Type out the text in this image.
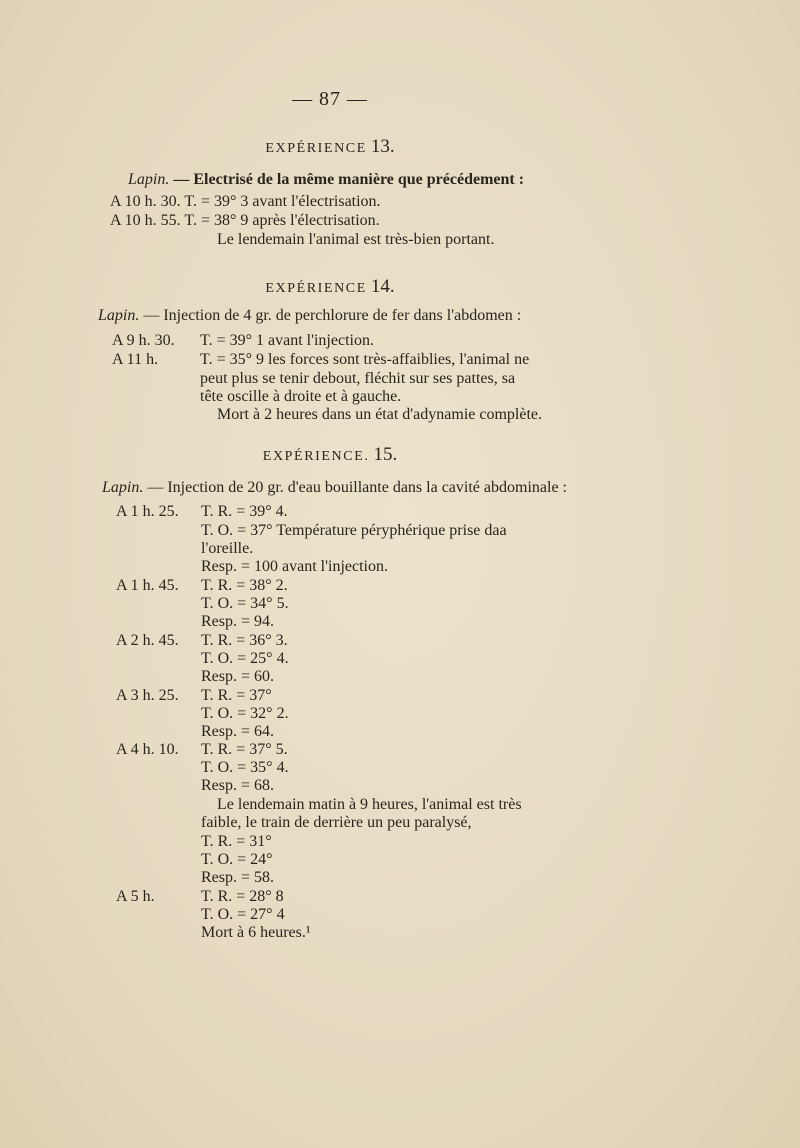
— 87 —
EXPÉRIENCE 13.
Lapin. — Electrisé de la même manière que précédement :
A 10 h. 30. T. = 39° 3 avant l'électrisation.
A 10 h. 55. T. = 38° 9 après l'électrisation.
Le lendemain l'animal est très-bien portant.
EXPÉRIENCE 14.
Lapin. — Injection de 4 gr. de perchlorure de fer dans l'abdomen :
A 9 h. 30. T. = 39° 1 avant l'injection.
A 11 h.	T. = 35° 9 les forces sont très-affaiblies, l'animal ne
peut plus se tenir debout, fléchit sur ses pattes, sa
tête oscille à droite et à gauche.
Mort à 2 heures dans un état d'adynamie complète.
EXPÉRIENCE. 15.
Lapin. — Injection de 20 gr. d'eau bouillante dans la cavité abdominale :
A 1 h. 25.
A 1 h. 45.
A 2 h. 45.
A 3 h. 25.
A 4 h. 10.
A 5 h.
T. R. = 39° 4.
T. O. = 37° Température péryphérique prise daa
l'oreille.
Resp. = 100 avant l'injection.
T. R. = 38° 2.
T. O. = 34° 5.
Resp. = 94.
T. R. = 36° 3.
T. O. = 25° 4.
Resp. = 60.
T. R. = 37°
T. O. = 32° 2.
Resp. = 64.
T. R. = 37° 5.
T. O. = 35° 4.
Resp. = 68.
Le lendemain matin à 9 heures, l'animal est très
faible, le train de derrière un peu paralysé,
T. R. = 31°
T. O. = 24°
Resp. = 58.
T. R. = 28° 8
T. O. = 27° 4
Mort à 6 heures.¹
